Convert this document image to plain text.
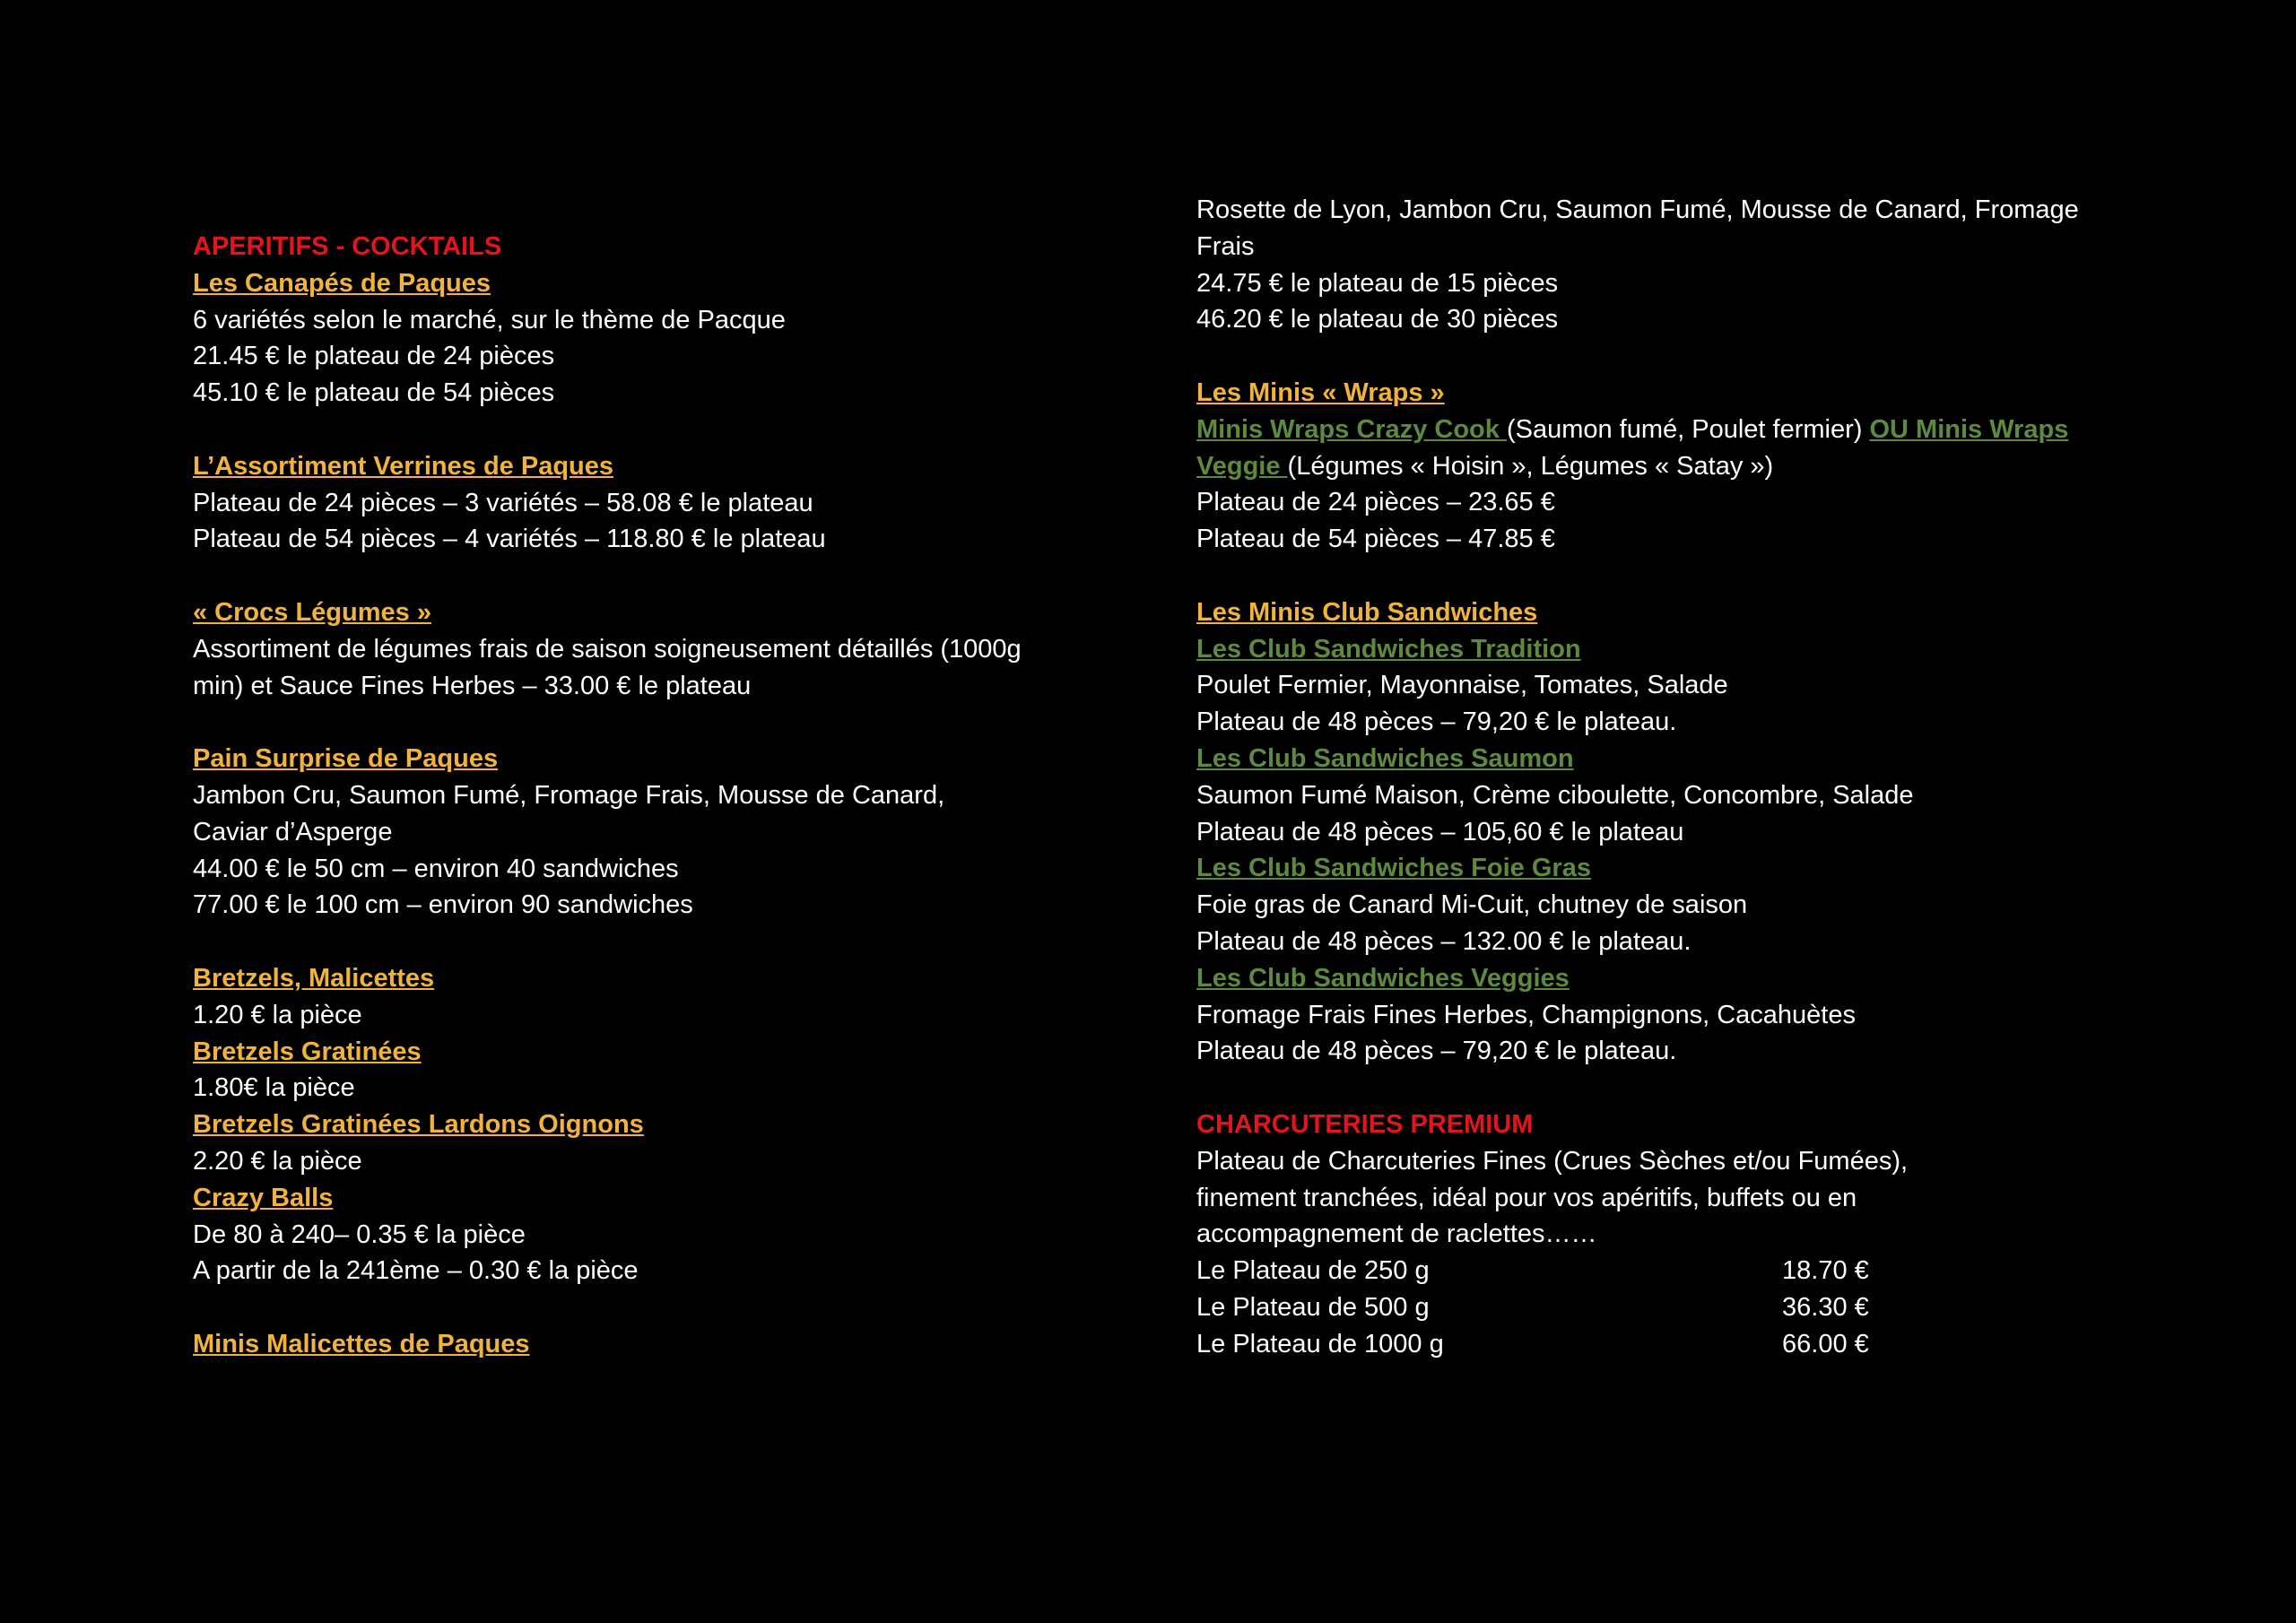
APERITIFS - COCKTAILS

Les Canapés de Paques

6 variétés selon le marché, sur le thème de Pacque

21.45 € le plateau de 24 pièces

45.10 € le plateau de 54 pièces

L’Assortiment Verrines de Paques

Plateau de 24 pièces – 3 variétés – 58.08 € le plateau

Plateau de 54 pièces – 4 variétés – 118.80 € le plateau

« Crocs Légumes »

Assortiment de légumes frais de saison soigneusement détaillés (1000g

min) et Sauce Fines Herbes – 33.00 € le plateau

Pain Surprise de Paques

Jambon Cru, Saumon Fumé, Fromage Frais, Mousse de Canard,

Caviar d’Asperge

44.00 € le 50 cm – environ 40 sandwiches

77.00 € le 100 cm – environ 90 sandwiches

Bretzels, Malicettes

1.20 € la pièce

Bretzels Gratinées

1.80€ la pièce

Bretzels Gratinées Lardons Oignons

2.20 € la pièce

Crazy Balls

De 80 à 240– 0.35 € la pièce

A partir de la 241ème – 0.30 € la pièce

Minis Malicettes de Paques

Rosette de Lyon, Jambon Cru, Saumon Fumé, Mousse de Canard, Fromage

Frais

24.75 € le plateau de 15 pièces

46.20 € le plateau de 30 pièces

Les Minis « Wraps »

Minis Wraps Crazy Cook (Saumon fumé, Poulet fermier) OU Minis Wraps

Veggie (Légumes « Hoisin », Légumes « Satay »)

Plateau de 24 pièces – 23.65 €

Plateau de 54 pièces – 47.85 €

Les Minis Club Sandwiches

Les Club Sandwiches Tradition

Poulet Fermier, Mayonnaise, Tomates, Salade

Plateau de 48 pèces – 79,20 € le plateau.

Les Club Sandwiches Saumon

Saumon Fumé Maison, Crème ciboulette, Concombre, Salade

Plateau de 48 pèces – 105,60 € le plateau

Les Club Sandwiches Foie Gras

Foie gras de Canard Mi-Cuit, chutney de saison

Plateau de 48 pèces – 132.00 € le plateau.

Les Club Sandwiches Veggies

Fromage Frais Fines Herbes, Champignons, Cacahuètes

Plateau de 48 pèces – 79,20 € le plateau.

CHARCUTERIES PREMIUM

Plateau de Charcuteries Fines (Crues Sèches et/ou Fumées),

finement tranchées, idéal pour vos apéritifs, buffets ou en

accompagnement de raclettes……

Le Plateau de 250 g	18.70 €
Le Plateau de 500 g	36.30 €
Le Plateau de 1000 g	66.00 €
